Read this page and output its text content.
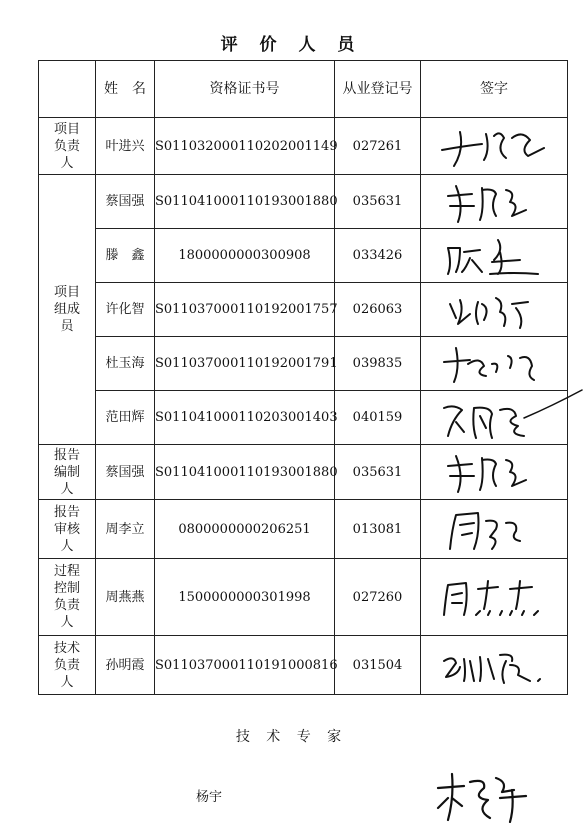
评 价 人 员
	姓　名	资格证书号	从业登记号	签字
项目
负责
人	叶进兴	S011032000110202001149	027261	

项目
组成
员	蔡国强	S011041000110193001880	035631	

	滕　鑫	1800000000300908	033426	

	许化智	S011037000110192001757	026063	

	杜玉海	S011037000110192001791	039835	

	范田辉	S011041000110203001403	040159	

报告
编制
人	蔡国强	S011041000110193001880	035631	

报告
审核
人	周李立	0800000000206251	013081	

过程
控制
负责
人	周燕燕	1500000000301998	027260	

技术
负责
人	孙明霞	S011037000110191000816	031504	
技 术 专 家
杨宇
